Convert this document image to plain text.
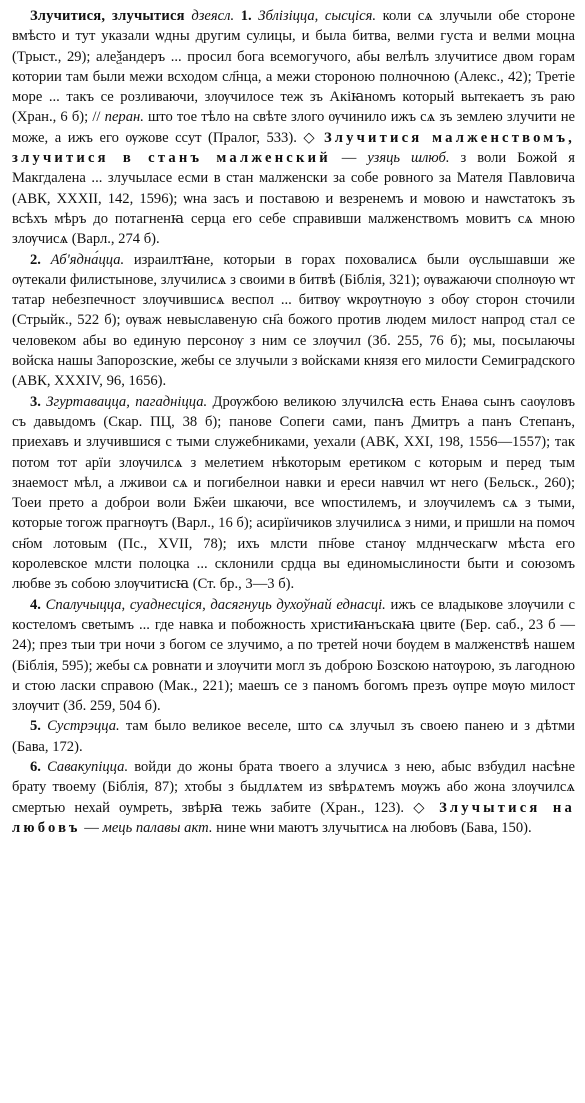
Злучитися, злучытися дзеясл. 1. Зблізіцца, сысціся. коли сѧ злучыли обе стороне вмѣсто и тут указали ѡдны другим сулицы, и была битва, велми густа и велми моцна (Трыст., 29); алеѯандеръ ... просил бога всемогучого, абы велѣлъ злучитисе двом горам котории там были межи всходом сл҃нца, а межи стороною полночною (Алекс., 42); Третіе море ... такъ се розливаючи, злѹчилосе теж зъ Акіꙗномъ который вытекаетъ зъ раю (Хран., 6 б); // перан. што тое тѣло на свѣте злого ѹчинило ижъ сѧ зъ землею злучити не може, а ижъ его ѹжове ссут (Пралог, 533). ◇ Злучитися малженствомъ, злучитися в станъ малженский — узяць шлюб. з воли Божой я Макгдалена ... злучыласе есми в стан малженски за собе ровного за Мателя Павловича (АВК, XXXII, 142, 1596); ѡна засъ и поставою и везренемъ и мовою и наѡстатокъ зъ всѣхъ мѣръ до потагненꙗ серца его себе справивши малженствомъ мовитъ сѧ мною злѹчисѧ (Варл., 274 б).

2. Аб'ядна́цца. израилтꙗне, которыи в горах поховалисѧ были ѹслышавши же ѹтекали филистынове, злучилисѧ з своими в битвѣ (Біблія, 321); ѹважаючи сполнѹю ѡт татар небезпечност злѹчившисѧ веспол ... битвѹ ѡкрѹтнѹю з обѹ сторон сточили (Стрыйк., 522 б); ѹваж невыславеную сн҃а божого против людем милост напрод стал се человеком абы во единую персонѹ з ним се злѹчил (Зб. 255, 76 б); мы, посылаючы войска нашы Запорозские, жебы се злучыли з войсками князя его милости Семиградского (АВК, XXXIV, 96, 1656).

3. Згуртавацца, пагадніцца. Дрѹжбою великою злучилсꙗ есть Енаѳа сынъ саѹловъ съ давыдомъ (Скар. ПЦ, 38 б); панове Сопеги сами, панъ Дмитръ а панъ Степанъ, приехавъ и злучившися с тыми служебниками, уехали (АВК, XXI, 198, 1556—1557); так потом тот арїи злѹчилсѧ з мелетием нѣкоторым еретиком с которым и перед тым знаемост мѣл, а лживои сѧ и погибелнои навки и ереси навчил ѡт него (Бельск., 260); Тоеи прето а доброи воли Бж҃еи шкаючи, все ѡпостилемъ, и злѹчилемъ сѧ з тыми, которые тогож прагнѹтъ (Варл., 16 б); асирїичиков злучилисѧ з ними, и пришли на помоч сн҃ом лотовым (Пс., XVII, 78); ихъ млсти пн҃ове станѹ млднческагѡ мѣста его королевское млсти полоцка ... склонили срдца вы единомыслиности быти и союзомъ любве зъ собою злѹчитисꙗ (Ст. бр., 3—3 б).

4. Спалучыцца, суаднесціся, дасягнуць духоўнай еднасці. ижъ се владыкове злѹчили с костеломъ светымъ ... где навка и побожность христиꙗнъскаꙗ цвите (Бер. саб., 23 б — 24); през тыи три ночи з богом се злучимо, а по третей ночи бѹдем в малженствѣ нашем (Біблія, 595); жебы сѧ ровнати и злѹчити могл зъ доброю Бозскою натѹрою, зъ лагодною и стою ласки справою (Мак., 221); маешъ се з паномъ богомъ презъ ѹпре мѹю милост злѹчит (Зб. 259, 504 б).

5. Сустрэцца. там было великое веселе, што сѧ злучыл зъ своею панею и з дѣтми (Бава, 172).

6. Савакупіцца. войди до жоны брата твоего а злучисѧ з нею, абыс взбудил насѣне брату твоему (Біблія, 87); хтобы з быдлѧтем из ѕвѣрѧтемъ мѹжъ або жона злѹчилсѧ смертью нехай оумреть, звѣрꙗ тежь забите (Хран., 123). ◇ Злучытися на любовъ — мець палавы акт. нине ѡни маютъ злучытисѧ на любовъ (Бава, 150).
